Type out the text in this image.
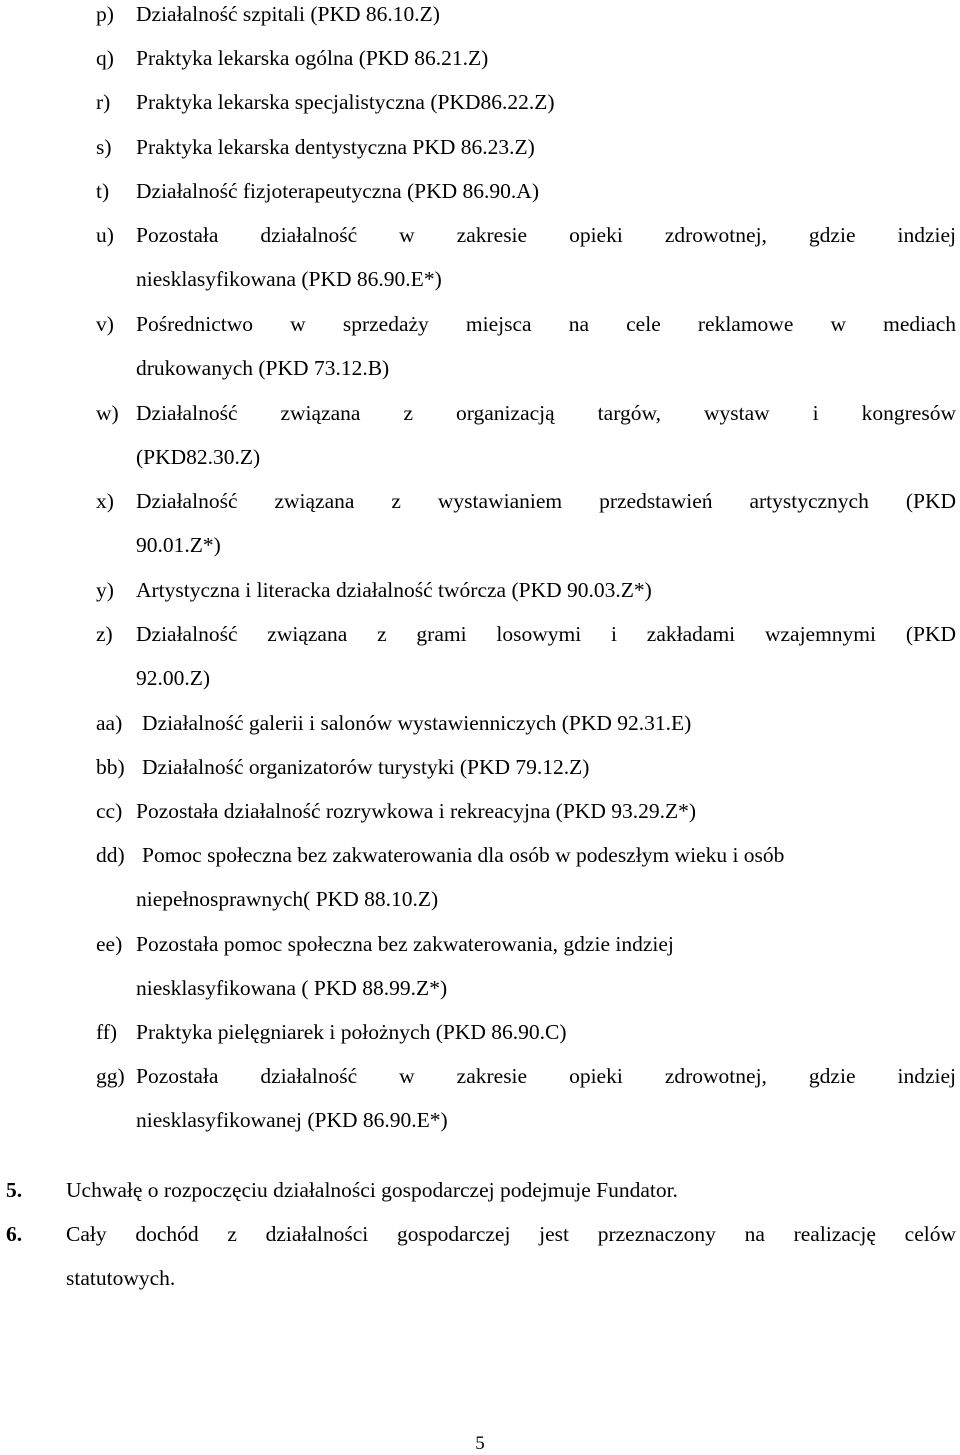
p) Działalność szpitali (PKD 86.10.Z)
q) Praktyka lekarska ogólna (PKD 86.21.Z)
r) Praktyka lekarska specjalistyczna (PKD86.22.Z)
s) Praktyka lekarska dentystyczna PKD 86.23.Z)
t) Działalność fizjoterapeutyczna (PKD 86.90.A)
u) Pozostała działalność w zakresie opieki zdrowotnej, gdzie indziej
niesklasyfikowana (PKD 86.90.E*)
v) Pośrednictwo w sprzedaży miejsca na cele reklamowe w mediach
drukowanych (PKD 73.12.B)
w) Działalność związana z organizacją targów, wystaw i kongresów
(PKD82.30.Z)
x) Działalność związana z wystawianiem przedstawień artystycznych (PKD
90.01.Z*)
y) Artystyczna i literacka działalność twórcza (PKD 90.03.Z*)
z) Działalność związana z grami losowymi i zakładami wzajemnymi (PKD
92.00.Z)
aa) Działalność galerii i salonów wystawienniczych (PKD 92.31.E)
bb) Działalność organizatorów turystyki (PKD 79.12.Z)
cc) Pozostała działalność rozrywkowa i rekreacyjna (PKD 93.29.Z*)
dd) Pomoc społeczna bez zakwaterowania dla osób w podeszłym wieku i osób
niepełnosprawnych( PKD 88.10.Z)
ee) Pozostała pomoc społeczna bez zakwaterowania, gdzie indziej
niesklasyfikowana ( PKD 88.99.Z*)
ff) Praktyka pielęgniarek i położnych (PKD 86.90.C)
gg) Pozostała działalność w zakresie opieki zdrowotnej, gdzie indziej
niesklasyfikowanej (PKD 86.90.E*)
5. Uchwałę o rozpoczęciu działalności gospodarczej podejmuje Fundator.
6. Cały dochód z działalności gospodarczej jest przeznaczony na realizację celów
statutowych.
5
